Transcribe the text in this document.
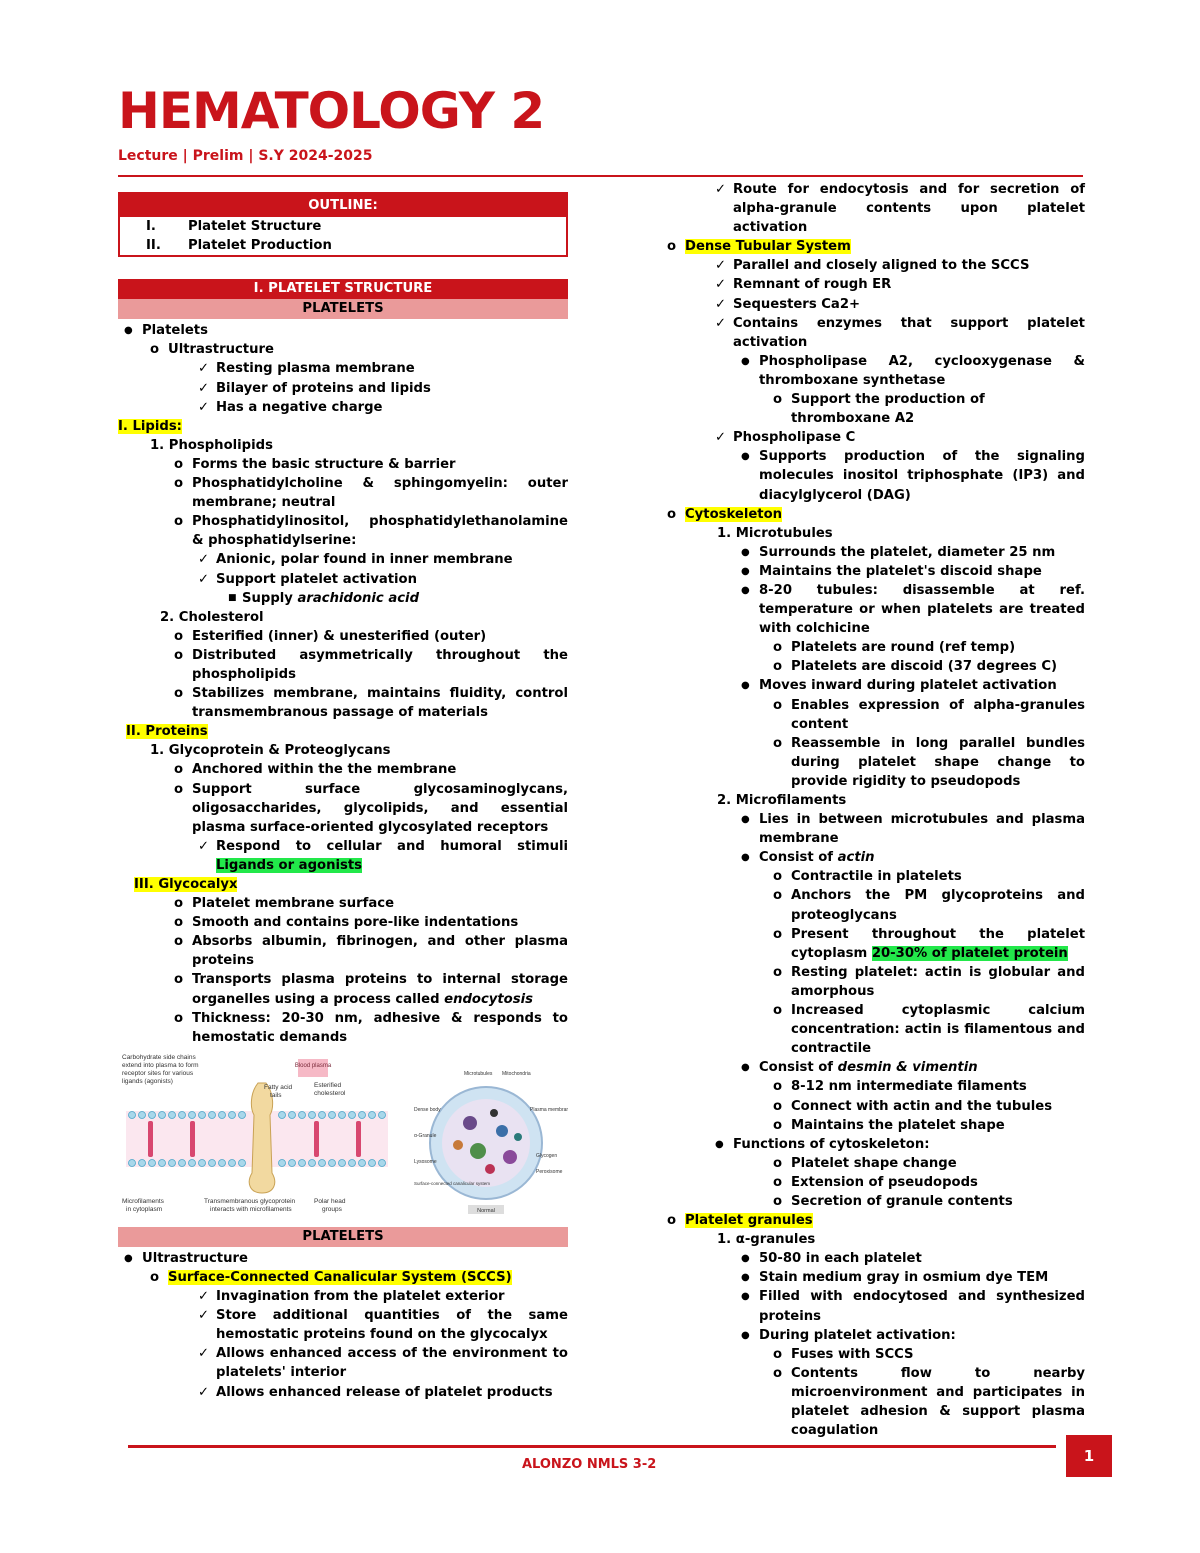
HEMATOLOGY 2
Lecture | Prelim | S.Y 2024-2025
OUTLINE:
I.	Platelet Structure
II.	Platelet Production
I. PLATELET STRUCTURE
PLATELETS
● Platelets
o Ultrastructure
✓ Resting plasma membrane
✓ Bilayer of proteins and lipids
✓ Has a negative charge
I. Lipids:
1. Phospholipids
o Forms the basic structure & barrier
o Phosphatidylcholine & sphingomyelin: outer membrane; neutral
o Phosphatidylinositol, phosphatidylethanolamine & phosphatidylserine:
✓ Anionic, polar found in inner membrane
✓ Support platelet activation
■ Supply arachidonic acid
2. Cholesterol
o Esterified (inner) & unesterified (outer)
o Distributed asymmetrically throughout the phospholipids
o Stabilizes membrane, maintains fluidity, control transmembranous passage of materials
II. Proteins
1. Glycoprotein & Proteoglycans
o Anchored within the the membrane
o Support surface glycosaminoglycans, oligosaccharides, glycolipids, and essential plasma surface-oriented glycosylated receptors
✓ Respond to cellular and humoral stimuli Ligands or agonists
III. Glycocalyx
o Platelet membrane surface
o Smooth and contains pore-like indentations
o Absorbs albumin, fibrinogen, and other plasma proteins
o Transports plasma proteins to internal storage organelles using a process called endocytosis
o Thickness: 20-30 nm, adhesive & responds to hemostatic demands
Blood plasma
Carbohydrate side chains extend into plasma to form receptor sites for various ligands (agonists)
Fatty acid tails
Esterified cholesterol
Microfilaments in cytoplasm
Transmembranous glycoprotein interacts with microfilaments
Polar head groups
Microtubules Mitochondria
Dense body	Plasma membrane
α-Granule
Lysosome
Glycogen
Peroxisome
Surface-connected canalicular system
Normal
PLATELETS
● Ultrastructure
o Surface-Connected Canalicular System (SCCS)
✓ Invagination from the platelet exterior
✓ Store additional quantities of the same hemostatic proteins found on the glycocalyx
✓ Allows enhanced access of the environment to platelets' interior
✓ Allows enhanced release of platelet products
✓ Route for endocytosis and for secretion of alpha-granule contents upon platelet activation
o Dense Tubular System
✓ Parallel and closely aligned to the SCCS
✓ Remnant of rough ER
✓ Sequesters Ca2+
✓ Contains enzymes that support platelet activation
● Phospholipase A2, cyclooxygenase & thromboxane synthetase
o Support the production of thromboxane A2
✓ Phospholipase C
● Supports production of the signaling molecules inositol triphosphate (IP3) and diacylglycerol (DAG)
o Cytoskeleton
1. Microtubules
● Surrounds the platelet, diameter 25 nm
● Maintains the platelet's discoid shape
● 8-20 tubules: disassemble at ref. temperature or when platelets are treated with colchicine
o Platelets are round (ref temp)
o Platelets are discoid (37 degrees C)
● Moves inward during platelet activation
o Enables expression of alpha-granules content
o Reassemble in long parallel bundles during platelet shape change to provide rigidity to pseudopods
2. Microfilaments
● Lies in between microtubules and plasma membrane
● Consist of actin
o Contractile in platelets
o Anchors the PM glycoproteins and proteoglycans
o Present throughout the platelet cytoplasm 20-30% of platelet protein
o Resting platelet: actin is globular and amorphous
o Increased cytoplasmic calcium concentration: actin is filamentous and contractile
● Consist of desmin & vimentin
o 8-12 nm intermediate filaments
o Connect with actin and the tubules
o Maintains the platelet shape
● Functions of cytoskeleton:
o Platelet shape change
o Extension of pseudopods
o Secretion of granule contents
o Platelet granules
1. α-granules
● 50-80 in each platelet
● Stain medium gray in osmium dye TEM
● Filled with endocytosed and synthesized proteins
● During platelet activation:
o Fuses with SCCS
o Contents flow to nearby microenvironment and participates in platelet adhesion & support plasma coagulation
ALONZO NMLS 3-2	1
